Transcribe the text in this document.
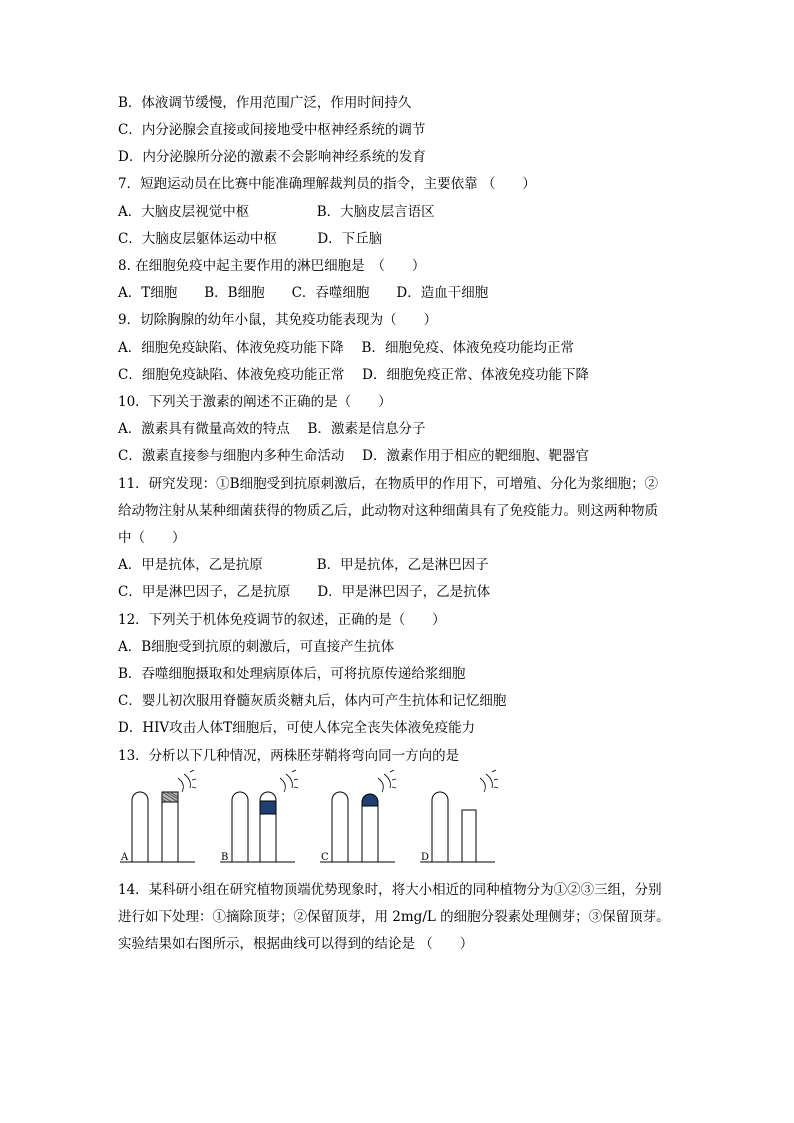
B．体液调节缓慢，作用范围广泛，作用时间持久
C．内分泌腺会直接或间接地受中枢神经系统的调节
D．内分泌腺所分泌的激素不会影响神经系统的发育
7．短跑运动员在比赛中能准确理解裁判员的指令，主要依靠 （　　）
A．大脑皮层视觉中枢　　　　　B．大脑皮层言语区
C．大脑皮层躯体运动中枢　　　D．下丘脑
8. 在细胞免疫中起主要作用的淋巴细胞是　（　　）
A．T细胞　　B．B细胞　　C．吞噬细胞　　D．造血干细胞
9．切除胸腺的幼年小鼠，其免疫功能表现为（　　）
A．细胞免疫缺陷、体液免疫功能下降　 B．细胞免疫、体液免疫功能均正常
C．细胞免疫缺陷、体液免疫功能正常　 D．细胞免疫正常、体液免疫功能下降
10．下列关于激素的阐述不正确的是（　　）
A．激素具有微量高效的特点　 B．激素是信息分子
C．激素直接参与细胞内多种生命活动　 D．激素作用于相应的靶细胞、靶器官
11．研究发现：①B细胞受到抗原刺激后，在物质甲的作用下，可增殖、分化为浆细胞；②
给动物注射从某种细菌获得的物质乙后，此动物对这种细菌具有了免疫能力。则这两种物质
中（　　）
A．甲是抗体，乙是抗原　　　　B．甲是抗体，乙是淋巴因子
C．甲是淋巴因子，乙是抗原　　D．甲是淋巴因子，乙是抗体
12．下列关于机体免疫调节的叙述，正确的是（　　）
A．B细胞受到抗原的刺激后，可直接产生抗体
B．吞噬细胞摄取和处理病原体后，可将抗原传递给浆细胞
C．婴儿初次服用脊髓灰质炎糖丸后，体内可产生抗体和记忆细胞
D．HIV攻击人体T细胞后，可使人体完全丧失体液免疫能力
13．分析以下几种情况，两株胚芽鞘将弯向同一方向的是
A	B	C	D
14．某科研小组在研究植物顶端优势现象时，将大小相近的同种植物分为①②③三组，分别
进行如下处理：①摘除顶芽；②保留顶芽，用 2mg/L 的细胞分裂素处理侧芽；③保留顶芽。
实验结果如右图所示，根据曲线可以得到的结论是 （　　）
